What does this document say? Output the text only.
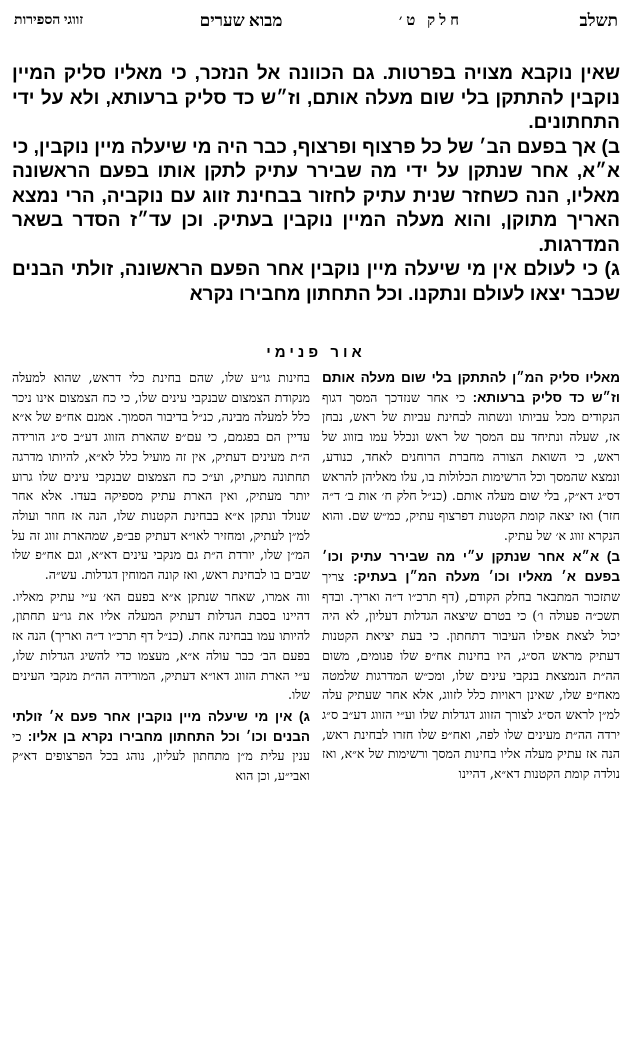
תשלב
חלק ט׳
מבוא שערים
זווגי הספירות

שאין נוקבא מצויה בפרטות. גם הכוונה אל הנזכר, כי מאליו סליק המיין נוקבין להתתקן בלי שום מעלה אותם, וז״ש כד סליק ברעותא, ולא על ידי התחתונים.

ב) אך בפעם הב׳ של כל פרצוף ופרצוף, כבר היה מי שיעלה מיין נוקבין, כי א״א, אחר שנתקן על ידי מה שבירר עתיק לתקן אותו בפעם הראשונה מאליו, הנה כשחזר שנית עתיק לחזור בבחינת זווג עם נוקביה, הרי נמצא האריך מתוקן, והוא מעלה המיין נוקבין בעתיק. וכן עד״ז הסדר בשאר המדרגות.

ג) כי לעולם אין מי שיעלה מיין נוקבין אחר הפעם הראשונה, זולתי הבנים שכבר יצאו לעולם ונתקנו. וכל התחתון מחבירו נקרא

אור פנימי

מאליו סליק המ״ן להתתקן בלי שום מעלה אותם וז״ש כד סליק ברעותא: כי אחר שנזדכך המסך דגוף הנקודים מכל עביותו ונשתוה לבחינת עביות של ראש, נבחן אז, שעלה ונתיחד עם המסך של ראש ונכלל עמו בזווג של ראש, כי השואת הצורה מחברת הרוחנים לאחד, כנודע, ונמצא שהמסך וכל הרשימות הכלולות בו, עלו מאליהן להראש דס״ג דא״ק, בלי שום מעלה אותם. (כנ״ל חלק ח׳ אות ב׳ ד״ה חזר) ואז יצאה קומת הקטנות דפרצוף עתיק, כמ״ש שם. והוא הנקרא זווג א׳ של עתיק.

ב) א״א אחר שנתקן ע״י מה שבירר עתיק וכו׳ בפעם א׳ מאליו וכו׳ מעלה המ״ן בעתיק: צריך שתזכור המתבאר בחלק הקודם, (דף תרכ״ו ד״ה ואריך. ובדף תשכ״ה פעולה ו׳) כי בטרם שיצאה הגדלות דעליון, לא היה יכול לצאת אפילו העיבור דתחתון. כי בעת יציאת הקטנות דעתיק מראש הס״ג, היו בחינות אח״פ שלו פגומים, משום הה״ת הנמצאת בנקבי עינים שלו, ומכ״ש המדרגות שלמטה מאח״פ שלו, שאינן ראויות כלל לזווג, אלא אחר שעתיק עלה למ״ן לראש הס״ג לצורך הזווג דגדלות שלו וע״י הזווג דע״ב ס״ג ירדה הה״ת מעינים שלו לפה, ואח״פ שלו חזרו לבחינת ראש, הנה אז עתיק מעלה אליו בחינות המסך ורשימות של א״א, ואז נולדה קומת הקטנות דא״א, דהיינו

בחינות גו״ע שלו, שהם בחינת כלי דראש, שהוא למעלה מנקודת הצמצום שבנקבי עינים שלו, כי כח הצמצום אינו ניכר כלל למעלה מבינה, כנ״ל בדיבור הסמוך. אמנם אח״פ של א״א עדיין הם בפגמם, כי עם״פ שהארת הזווג דע״ב ס״ג הורידה ה״ת מעינים דעתיק, אין זה מועיל כלל לא״א, להיותו מדרגה תחתונה מעתיק, וע״כ כח הצמצום שבנקבי עינים שלו גרוע יותר מעתיק, ואין הארת עתיק מספיקה בעדו. אלא אחר שנולד ונתקן א״א בבחינת הקטנות שלו, הנה אז חוזר ועולה למ״ן לעתיק, ומחזיר לאו״א דעתיק פב״פ, שמהארת זווג זה על המ״ן שלו, יורדת ה״ת גם מנקבי עינים דא״א, וגם אח״פ שלו שבים בו לבחינת ראש, ואז קונה המוחין דגדלות. עש״ה.

ווה אמרו, שאחר שנתקן א״א בפעם הא׳ ע״י עתיק מאליו. דהיינו בסבת הגדלות דעתיק המעלה אליו את גו״ע תחתון, להיותו עמו בבחינה אחת. (כנ״ל דף תרכ״ו ד״ה ואריך) הנה אז בפעם הב׳ כבר עולה א״א, מעצמו כדי להשיג הגדלות שלו, ע״י הארת הזווג דאו״א דעתיק, המורידה הה״ת מנקבי העינים שלו.

ג) אין מי שיעלה מיין נוקבין אחר פעם א׳ זולתי הבנים וכו׳ וכל התחתון מחבירו נקרא בן אליו: כי ענין עלית מ״ן מתחתון לעליון, נוהג בכל הפרצופים דא״ק ואבי״ע, וכן הוא
